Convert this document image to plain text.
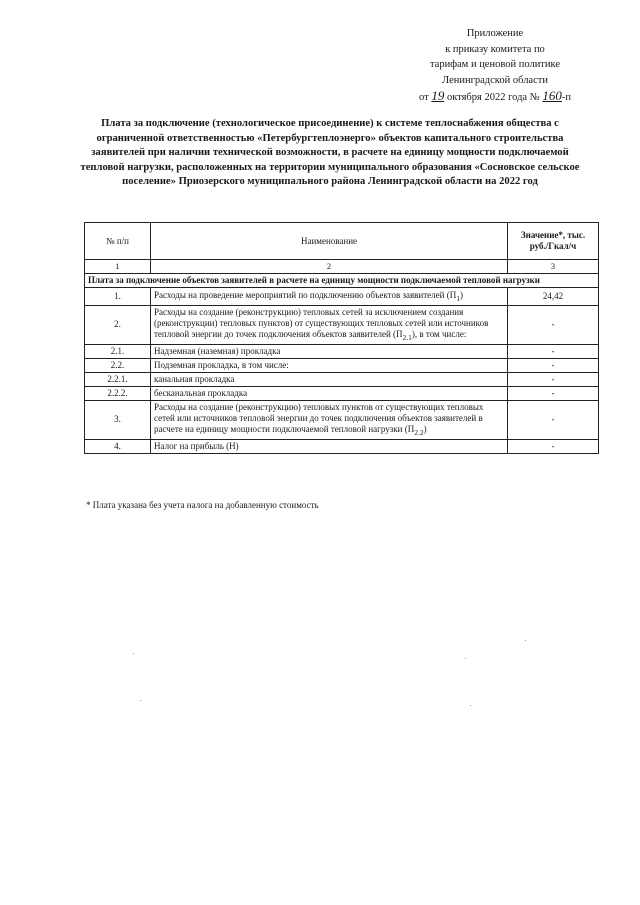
Приложение
к приказу комитета по
тарифам и ценовой политике
Ленинградской области
от 19 октября 2022 года № 160-п
Плата за подключение (технологическое присоединение) к системе теплоснабжения общества с ограниченной ответственностью «Петербургтеплоэнерго» объектов капитального строительства заявителей при наличии технической возможности, в расчете на единицу мощности подключаемой тепловой нагрузки, расположенных на территории муниципального образования «Сосновское сельское поселение» Приозерского муниципального района Ленинградской области на 2022 год
№ п/п	Наименование	Значение*, тыс. руб./Гкал/ч
1	2	3
Плата за подключение объектов заявителей в расчете на единицу мощности подключаемой тепловой нагрузки		
1.	Расходы на проведение мероприятий по подключению объектов заявителей $(П_1)$	24,42
2.	Расходы на создание (реконструкцию) тепловых сетей за исключением создания (реконструкции) тепловых пунктов) от существующих тепловых сетей или источников тепловой энергии до точек подключения объектов заявителей $(П_{2.1})$, в том числе:	-
2.1.	Надземная (наземная) прокладка	-
2.2.	Подземная прокладка, в том числе:	-
2.2.1.	канальная прокладка	-
2.2.2.	бесканальная прокладка	-
3.	Расходы на создание (реконструкцию) тепловых пунктов от существующих тепловых сетей или источников тепловой энергии до точек подключения объектов заявителей в расчете на единицу мощности подключаемой тепловой нагрузки $(П_{2.2})$	-
4.	Налог на прибыль (Н)	-
* Плата указана без учета налога на добавленную стоимость
